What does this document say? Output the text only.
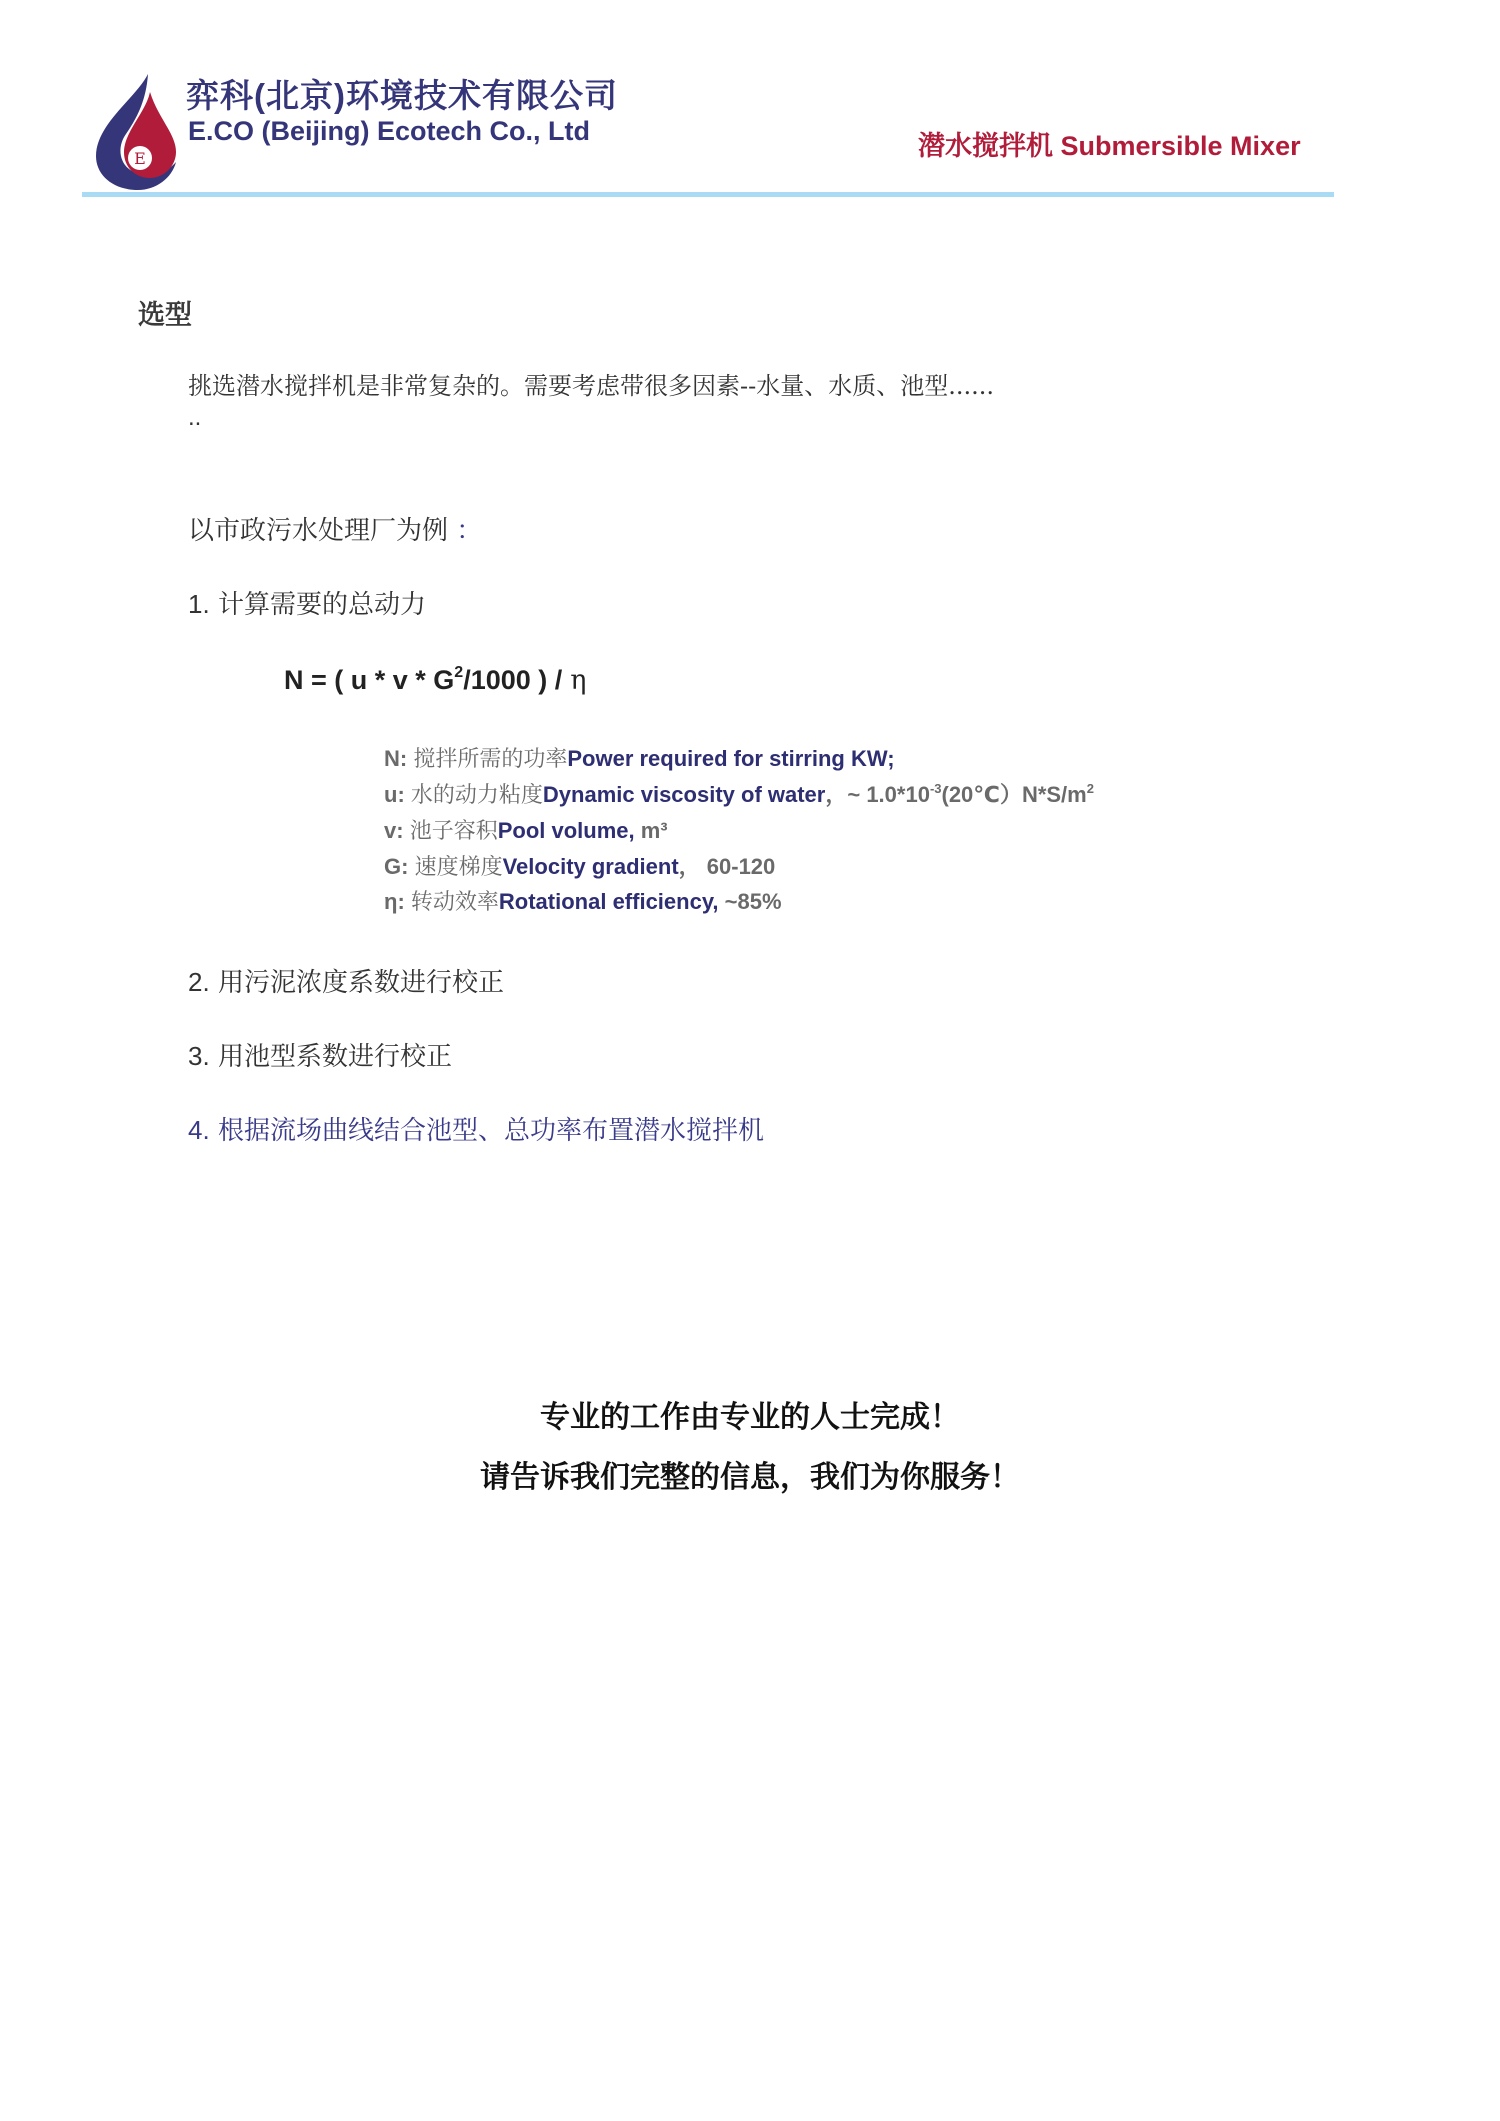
E
弈科(北京)环境技术有限公司
E.CO (Beijing) Ecotech Co., Ltd	潜水搅拌机 Submersible Mixer
选型
挑选潜水搅拌机是非常复杂的。需要考虑带很多因素--水量、水质、池型......
..
以市政污水处理厂为例 ：
1. 计算需要的总动力
N = ( u * v * $G^2/1000$ ) / η
N: 搅拌所需的功率Power required for stirring KW;
u: 水的动力粘度Dynamic viscosity of water，~ $1.0*10^{-3}(20℃)N*S/m^2$
v: 池子容积Pool volume, m³
G: 速度梯度Velocity gradient， 60-120
η: 转动效率Rotational efficiency, ~85%
2. 用污泥浓度系数进行校正
3. 用池型系数进行校正
4. 根据流场曲线结合池型、总功率布置潜水搅拌机
专业的工作由专业的人士完成！
请告诉我们完整的信息，我们为你服务！
